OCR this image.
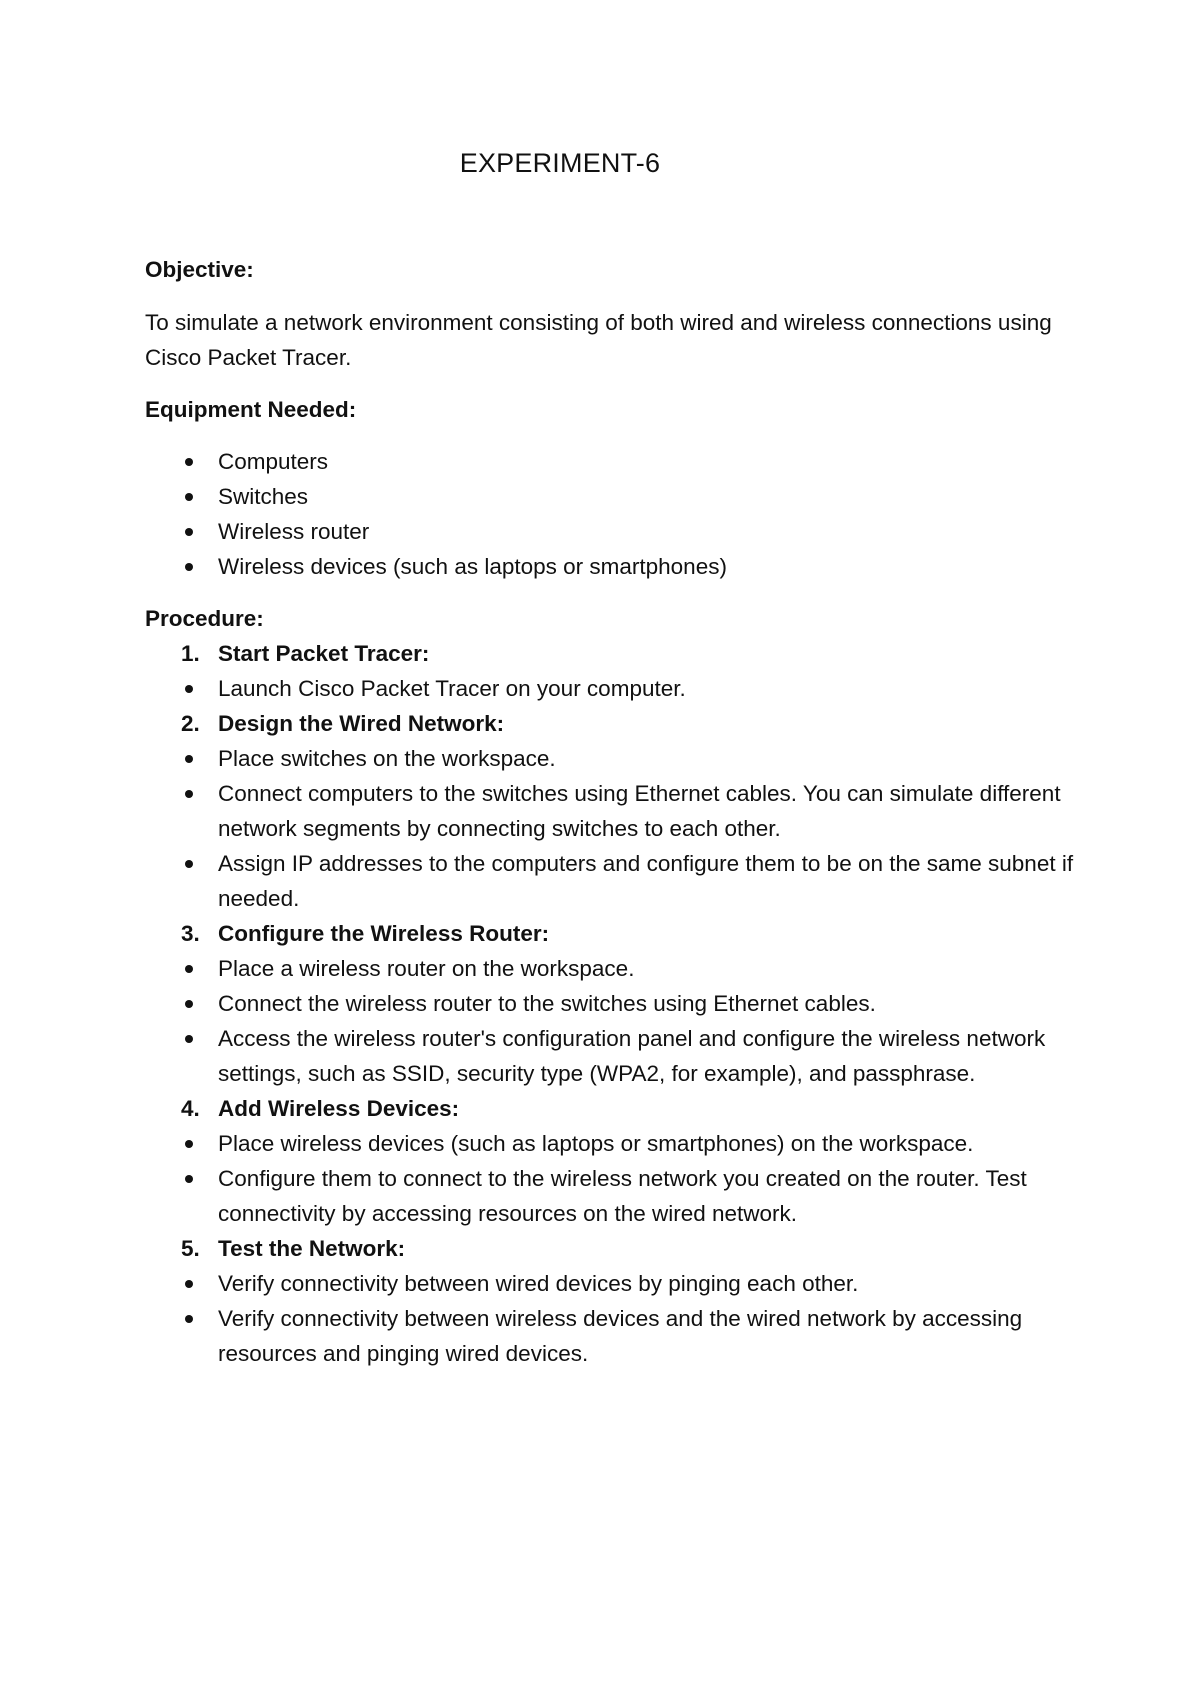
EXPERIMENT-6

Objective:

To simulate a network environment consisting of both wired and wireless connections using Cisco Packet Tracer.

Equipment Needed:

Computers
Switches
Wireless router
Wireless devices (such as laptops or smartphones)

Procedure:

1. Start Packet Tracer:
Launch Cisco Packet Tracer on your computer.
2. Design the Wired Network:
Place switches on the workspace.
Connect computers to the switches using Ethernet cables. You can simulate different network segments by connecting switches to each other.
Assign IP addresses to the computers and configure them to be on the same subnet if needed.
3. Configure the Wireless Router:
Place a wireless router on the workspace.
Connect the wireless router to the switches using Ethernet cables.
Access the wireless router's configuration panel and configure the wireless network settings, such as SSID, security type (WPA2, for example), and passphrase.
4. Add Wireless Devices:
Place wireless devices (such as laptops or smartphones) on the workspace.
Configure them to connect to the wireless network you created on the router. Test connectivity by accessing resources on the wired network.
5. Test the Network:
Verify connectivity between wired devices by pinging each other.
Verify connectivity between wireless devices and the wired network by accessing resources and pinging wired devices.
